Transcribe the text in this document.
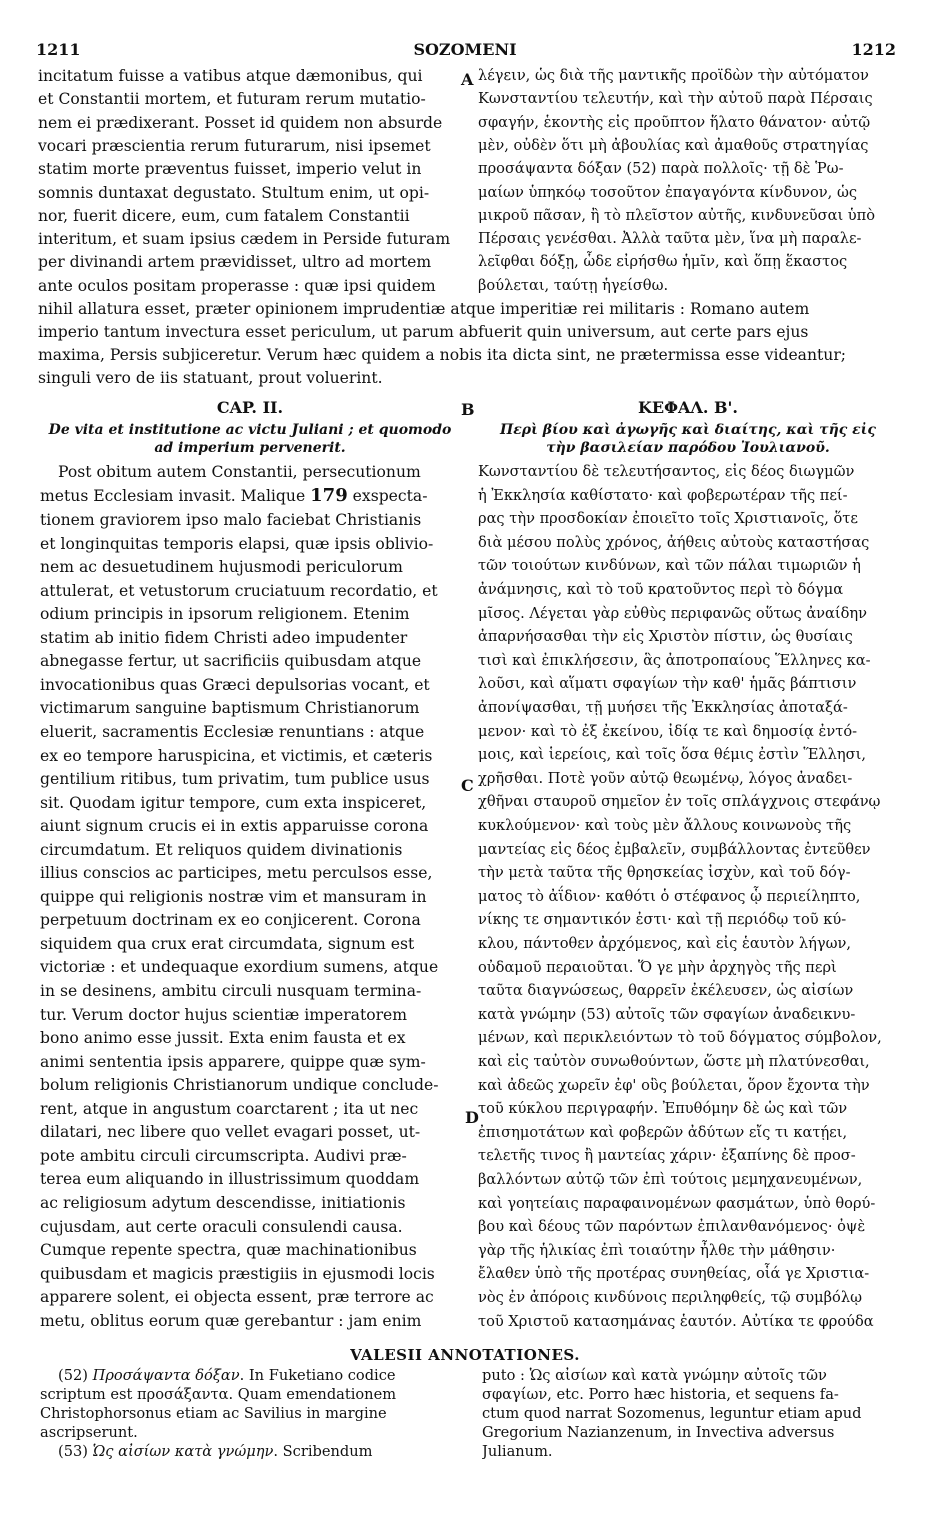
1211	SOZOMENI	1212
incitatum fuisse a vatibus atque dæmonibus, qui
et Constantii mortem, et futuram rerum mutatio-
nem ei prædixerant. Posset id quidem non absurde
vocari præscientia rerum futurarum, nisi ipsemet
statim morte præventus fuisset, imperio velut in
somnis duntaxat degustato. Stultum enim, ut opi-
nor, fuerit dicere, eum, cum fatalem Constantii
interitum, et suam ipsius cædem in Perside futuram
per divinandi artem prævidisset, ultro ad mortem
ante oculos positam properasse : quæ ipsi quidem
λέγειν, ὡς διὰ τῆς μαντικῆς προϊδὼν τὴν αὐτόματον
Κωνσταντίου τελευτήν, καὶ τὴν αὐτοῦ παρὰ Πέρσαις
σφαγήν, ἑκοντὴς εἰς πρoῦπτον ἥλατο θάνατον· αὐτῷ
μὲν, οὐδὲν ὅτι μὴ ἀβουλίας καὶ ἀμαθοῦς στρατηγίας
προσάψαντα δόξαν (52) παρὰ πολλοῖς· τῇ δὲ Ῥω-
μαίων ὑπηκόῳ τοσοῦτον ἐπαγαγόντα κίνδυνον, ὡς
μικροῦ πᾶσαν, ἢ τὸ πλεῖστον αὐτῆς, κινδυνεῦσαι ὑπὸ
Πέρσαις γενέσθαι. Ἀλλὰ ταῦτα μὲν, ἵνα μὴ παραλε-
λεῖφθαι δόξῃ, ὧδε εἰρήσθω ἡμῖν, καὶ ὅπῃ ἕκαστος
βούλεται, ταύτῃ ἡγείσθω.
A
B
C
D
nihil allatura esset, præter opinionem imprudentiæ atque imperitiæ rei militaris : Romano autem
imperio tantum invectura esset periculum, ut parum abfuerit quin universum, aut certe pars ejus
maxima, Persis subjiceretur. Verum hæc quidem a nobis ita dicta sint, ne prætermissa esse videantur;
singuli vero de iis statuant, prout voluerint.
CAP. II.
De vita et institutione ac victu Juliani ; et quomodo
ad imperium pervenerit.
ΚΕΦΑΛ. Β'.
Περὶ βίου καὶ ἀγωγῆς καὶ διαίτης, καὶ τῆς εἰς
τὴν βασιλείαν παρόδου Ἰουλιανοῦ.
Post obitum autem Constantii, persecutionum
metus Ecclesiam invasit. Malique 179 exspecta-
tionem graviorem ipso malo faciebat Christianis
et longinquitas temporis elapsi, quæ ipsis oblivio-
nem ac desuetudinem hujusmodi periculorum
attulerat, et vetustorum cruciatuum recordatio, et
odium principis in ipsorum religionem. Etenim
statim ab initio fidem Christi adeo impudenter
abnegasse fertur, ut sacrificiis quibusdam atque
invocationibus quas Græci depulsorias vocant, et
victimarum sanguine baptismum Christianorum
eluerit, sacramentis Ecclesiæ renuntians : atque
ex eo tempore haruspicina, et victimis, et cæteris
gentilium ritibus, tum privatim, tum publice usus
sit. Quodam igitur tempore, cum exta inspiceret,
aiunt signum crucis ei in extis apparuisse corona
circumdatum. Et reliquos quidem divinationis
illius conscios ac participes, metu perculsos esse,
quippe qui religionis nostræ vim et mansuram in
perpetuum doctrinam ex eo conjicerent. Corona
siquidem qua crux erat circumdata, signum est
victoriæ : et undequaque exordium sumens, atque
in se desinens, ambitu circuli nusquam termina-
tur. Verum doctor hujus scientiæ imperatorem
bono animo esse jussit. Exta enim fausta et ex
animi sententia ipsis apparere, quippe quæ sym-
bolum religionis Christianorum undique conclude-
rent, atque in angustum coarctarent ; ita ut nec
dilatari, nec libere quo vellet evagari posset, ut-
pote ambitu circuli circumscripta. Audivi præ-
terea eum aliquando in illustrissimum quoddam
ac religiosum adytum descendisse, initiationis
cujusdam, aut certe oraculi consulendi causa.
Cumque repente spectra, quæ machinationibus
quibusdam et magicis præstigiis in ejusmodi locis
apparere solent, ei objecta essent, præ terrore ac
metu, oblitus eorum quæ gerebantur : jam enim
Κωνσταντίου δὲ τελευτήσαντος, εἰς δέος διωγμῶν
ἡ Ἐκκλησία καθίστατο· καὶ φοβερωτέραν τῆς πεί-
ρας τὴν προσδοκίαν ἐποιεῖτο τοῖς Χριστιανοῖς, ὅτε
διὰ μέσου πολὺς χρόνος, ἀήθεις αὐτοὺς καταστήσας
τῶν τοιούτων κινδύνων, καὶ τῶν πάλαι τιμωριῶν ἡ
ἀνάμνησις, καὶ τὸ τοῦ κρατοῦντος περὶ τὸ δόγμα
μῖσος. Λέγεται γὰρ εὐθὺς περιφανῶς οὕτως ἀναίδην
ἀπαρνήσασθαι τὴν εἰς Χριστὸν πίστιν, ὡς θυσίαις
τισὶ καὶ ἐπικλήσεσιν, ἃς ἀποτροπαίους Ἕλληνες κα-
λοῦσι, καὶ αἵματι σφαγίων τὴν καθ' ἡμᾶς βάπτισιν
ἀπονίψασθαι, τῇ μυήσει τῆς Ἐκκλησίας ἀποταξά-
μενον· καὶ τὸ ἐξ ἐκείνου, ἰδίᾳ τε καὶ δημοσίᾳ ἐντό-
μοις, καὶ ἱερείοις, καὶ τοῖς ὅσα θέμις ἐστὶν Ἕλλησι,
χρῆσθαι. Ποτὲ γοῦν αὐτῷ θεωμένῳ, λόγος ἀναδει-
χθῆναι σταυροῦ σημεῖον ἐν τοῖς σπλάγχνοις στεφάνῳ
κυκλούμενον· καὶ τοὺς μὲν ἄλλους κοινωνοὺς τῆς
μαντείας εἰς δέος ἐμβαλεῖν, συμβάλλοντας ἐντεῦθεν
τὴν μετὰ ταῦτα τῆς θρησκείας ἰσχὺν, καὶ τοῦ δόγ-
ματος τὸ ἀΐδιον· καθότι ὁ στέφανος ᾧ περιείληπτο,
νίκης τε σημαντικόν ἐστι· καὶ τῇ περιόδῳ τοῦ κύ-
κλου, πάντοθεν ἀρχόμενος, καὶ εἰς ἑαυτὸν λήγων,
οὐδαμοῦ περαιοῦται. Ὅ γε μὴν ἀρχηγὸς τῆς περὶ
ταῦτα διαγνώσεως, θαρρεῖν ἐκέλευσεν, ὡς αἰσίων
κατὰ γνώμην (53) αὐτοῖς τῶν σφαγίων ἀναδεικνυ-
μένων, καὶ περικλειόντων τὸ τοῦ δόγματος σύμβολον,
καὶ εἰς ταὐτὸν συνωθούντων, ὥστε μὴ πλατύνεσθαι,
καὶ ἀδεῶς χωρεῖν ἐφ' οὓς βούλεται, ὅρον ἔχοντα τὴν
τοῦ κύκλου περιγραφήν. Ἐπυθόμην δὲ ὡς καὶ τῶν
ἐπισημοτάτων καὶ φοβερῶν ἀδύτων εἴς τι κατῄει,
τελετῆς τινος ἢ μαντείας χάριν· ἐξαπίνης δὲ προσ-
βαλλόντων αὐτῷ τῶν ἐπὶ τούτοις μεμηχανευμένων,
καὶ γοητείαις παραφαινομένων φασμάτων, ὑπὸ θορύ-
βου καὶ δέους τῶν παρόντων ἐπιλανθανόμενος· ὀψὲ
γὰρ τῆς ἡλικίας ἐπὶ τοιαύτην ἦλθε τὴν μάθησιν·
ἔλαθεν ὑπὸ τῆς προτέρας συνηθείας, οἷά γε Χριστια-
νὸς ἐν ἀπόροις κινδύνοις περιληφθείς, τῷ συμβόλῳ
τοῦ Χριστοῦ κατασημάνας ἑαυτόν. Αὐτίκα τε φρούδα
VALESII ANNOTATIONES.
(52) Προσάψαντα δόξαν. In Fuketiano codice
scriptum est προσάξαντα. Quam emendationem
Christophorsonus etiam ac Savilius in margine
ascripserunt.
(53) Ὡς αἰσίων κατὰ γνώμην. Scribendum
puto : Ὡς αἰσίων καὶ κατὰ γνώμην αὐτοῖς τῶν
σφαγίων, etc. Porro hæc historia, et sequens fa-
ctum quod narrat Sozomenus, leguntur etiam apud
Gregorium Nazianzenum, in Invectiva adversus
Julianum.
